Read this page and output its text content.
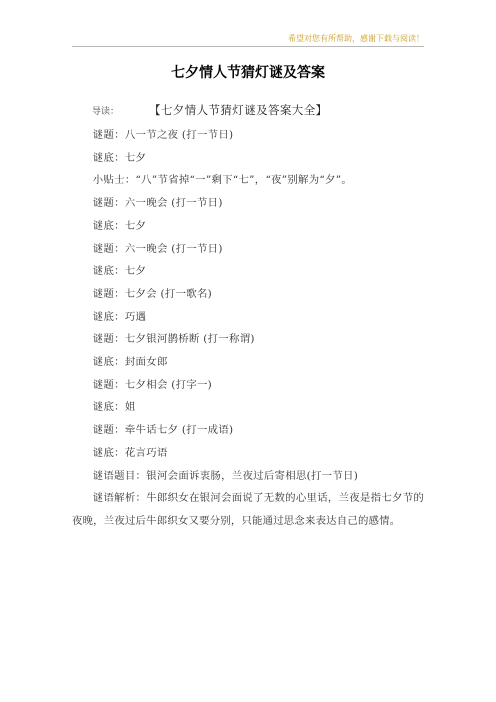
希望对您有所帮助，感谢下载与阅读！
七夕情人节猜灯谜及答案
导读：	【七夕情人节猜灯谜及答案大全】
谜题：八一节之夜 (打一节日)
谜底：七夕
小贴士：“八”节省掉“一”剩下“七”，“夜”别解为“夕”。
谜题：六一晚会 (打一节日)
谜底：七夕
谜题：六一晚会 (打一节日)
谜底：七夕
谜题：七夕会 (打一歌名)
谜底：巧遇
谜题：七夕银河鹊桥断 (打一称谓)
谜底：封面女郎
谜题：七夕相会 (打字一)
谜底：姐
谜题：牵牛话七夕 (打一成语)
谜底：花言巧语
谜语题目：银河会面诉衷肠，兰夜过后寄相思(打一节日)
谜语解析：牛郎织女在银河会面说了无数的心里话，兰夜是指七夕节的夜晚，兰夜过后牛郎织女又要分别，只能通过思念来表达自己的感情。
